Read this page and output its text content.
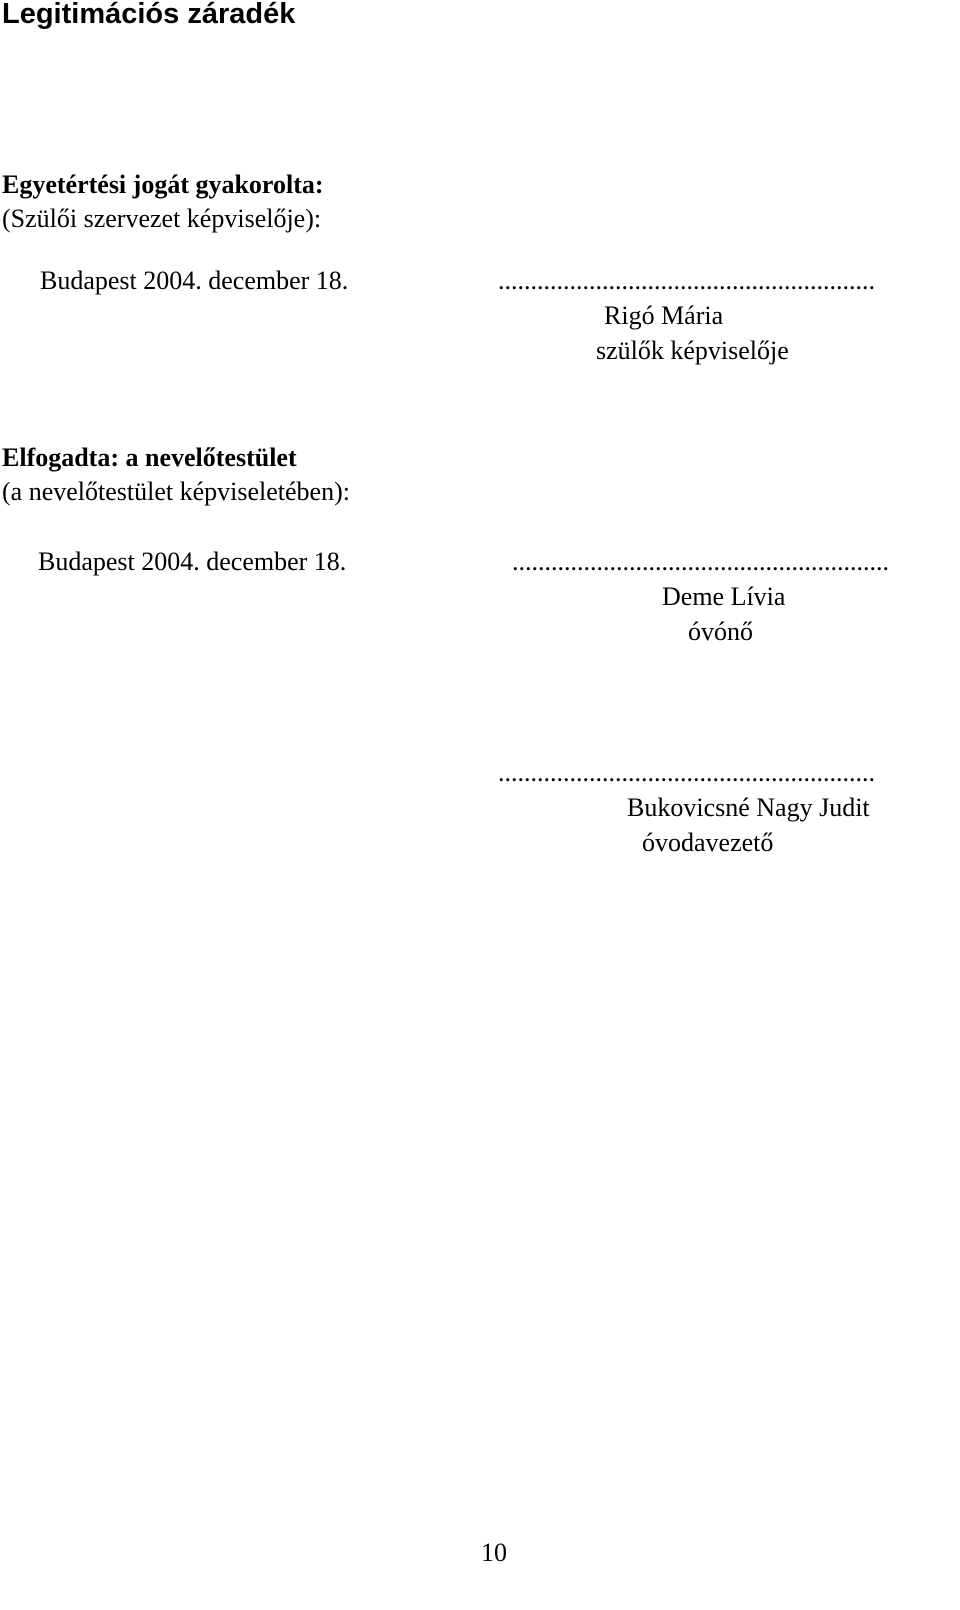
Legitimációs záradék
Egyetértési jogát gyakorolta:
(Szülői szervezet képviselője):
Budapest 2004. december 18.	..........................................................
Rigó Mária
szülők képviselője
Elfogadta: a nevelőtestület
(a nevelőtestület képviseletében):
Budapest 2004. december 18.	..........................................................
Deme Lívia
óvónő
..........................................................
Bukovicsné Nagy Judit
óvodavezető
10
